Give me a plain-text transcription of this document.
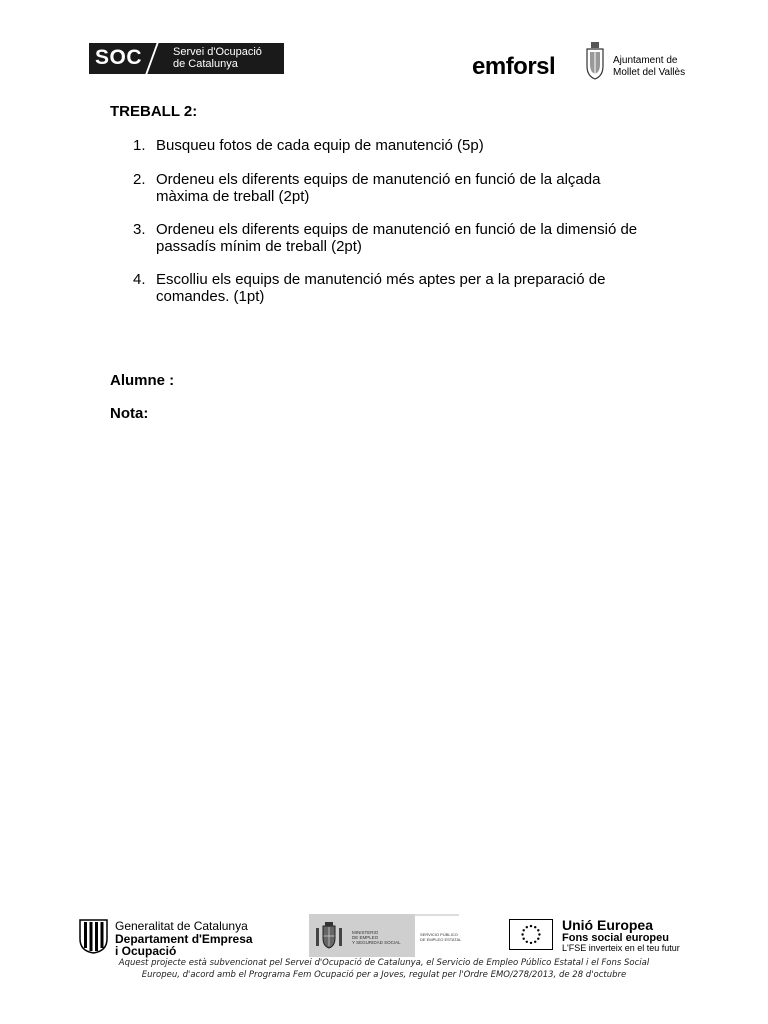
SOC	Servei d'Ocupació
de Catalunya	emforsl	Ajuntament de
Mollet del Vallès
TREBALL 2:
1. Busqueu fotos de cada equip de manutenció (5p)
2. Ordeneu els diferents equips de manutenció en funció de la alçada
màxima de treball (2pt)
3. Ordeneu els diferents equips de manutenció en funció de la dimensió de
passadís mínim de treball (2pt)
4. Escolliu els equips de manutenció més aptes per a la preparació de
comandes. (1pt)
Alumne :
Nota:
Generalitat de Catalunya
Departament d'Empresa
i Ocupació
MINISTERIO
DE EMPLEO
Y SEGURIDAD SOCIAL
SERVICIO PÚBLICO
DE EMPLEO ESTATAL
Unió Europea
Fons social europeu
L'FSE inverteix en el teu futur
Aquest projecte està subvencionat pel Servei d'Ocupació de Catalunya, el Servicio de Empleo Público Estatal i el Fons Social
Europeu, d'acord amb el Programa Fem Ocupació per a Joves, regulat per l'Ordre EMO/278/2013, de 28 d'octubre
